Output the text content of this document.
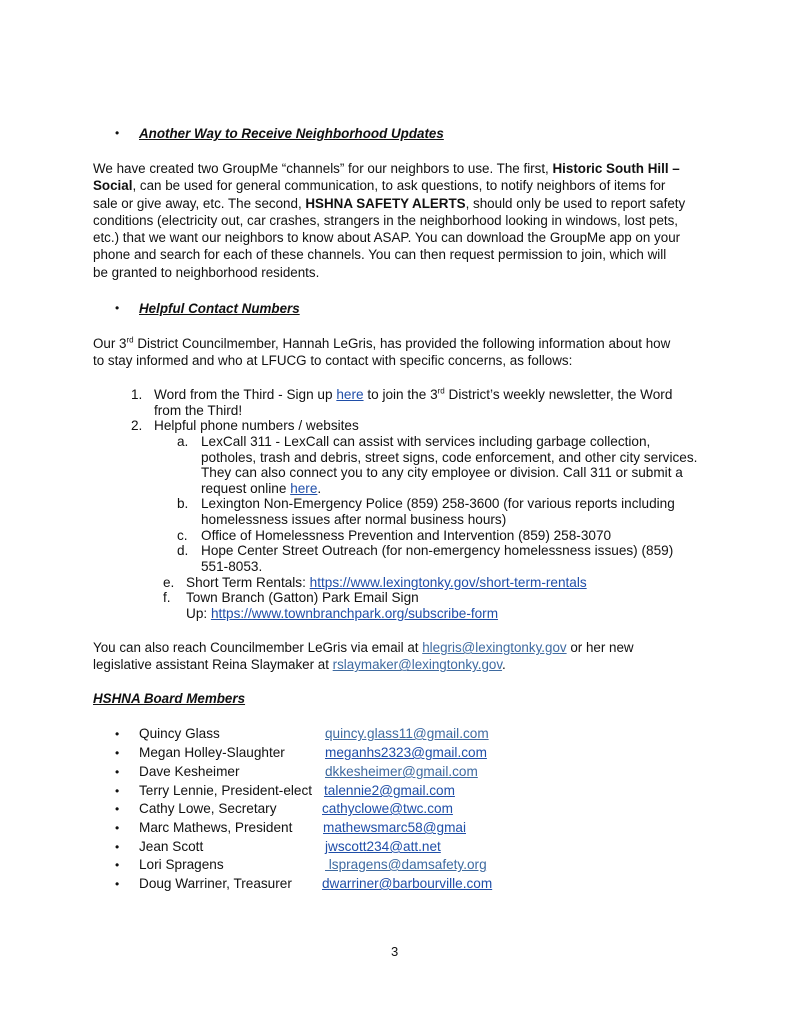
• Another Way to Receive Neighborhood Updates
We have created two GroupMe “channels” for our neighbors to use. The first, Historic South Hill –
Social, can be used for general communication, to ask questions, to notify neighbors of items for
sale or give away, etc. The second, HSHNA SAFETY ALERTS, should only be used to report safety
conditions (electricity out, car crashes, strangers in the neighborhood looking in windows, lost pets,
etc.) that we want our neighbors to know about ASAP. You can download the GroupMe app on your
phone and search for each of these channels. You can then request permission to join, which will
be granted to neighborhood residents.
• Helpful Contact Numbers
Our 3rd District Councilmember, Hannah LeGris, has provided the following information about how
to stay informed and who at LFUCG to contact with specific concerns, as follows:
1. Word from the Third - Sign up here to join the 3rd District’s weekly newsletter, the Word
from the Third!
2. Helpful phone numbers / websites
a. LexCall 311 - LexCall can assist with services including garbage collection,
potholes, trash and debris, street signs, code enforcement, and other city services.
They can also connect you to any city employee or division. Call 311 or submit a
request online here.
b. Lexington Non-Emergency Police (859) 258-3600 (for various reports including
homelessness issues after normal business hours)
c. Office of Homelessness Prevention and Intervention (859) 258-3070
d. Hope Center Street Outreach (for non-emergency homelessness issues) (859)
551-8053.
e. Short Term Rentals: https://www.lexingtonky.gov/short-term-rentals
f. Town Branch (Gatton) Park Email Sign
Up: https://www.townbranchpark.org/subscribe-form
You can also reach Councilmember LeGris via email at hlegris@lexingtonky.gov or her new
legislative assistant Reina Slaymaker at rslaymaker@lexingtonky.gov.
HSHNA Board Members
• Quincy Glass	quincy.glass11@gmail.com
• Megan Holley-Slaughter	meganhs2323@gmail.com
• Dave Kesheimer	dkkesheimer@gmail.com
• Terry Lennie, President-elect talennie2@gmail.com
• Cathy Lowe, Secretary	cathyclowe@twc.com
• Marc Mathews, President mathewsmarc58@gmai
• Jean Scott	jwscott234@att.net
• Lori Spragens	lspragens@damsafety.org
• Doug Warriner, Treasurer dwarriner@barbourville.com
3
